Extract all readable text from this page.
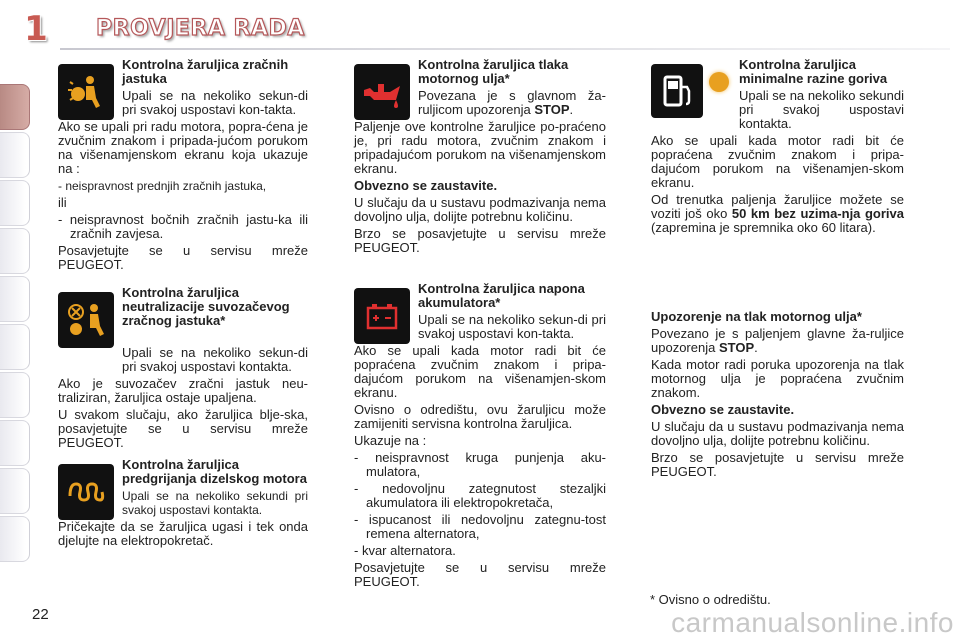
1	PROVJERA RADA
Kontrolna žaruljica zračnih jastuka

Upali se na nekoliko sekun-di pri svakoj uspostavi kon-takta.

Ako se upali pri radu motora, popra-ćena je zvučnim znakom i pripada-jućom porukom na višenamjenskom ekranu koja ukazuje na :

- neispravnost prednjih zračnih jastuka,

ili

- neispravnost bočnih zračnih jastu-ka ili zračnih zavjesa.

Posavjetujte se u servisu mreže PEUGEOT.

Kontrolna žaruljica neutralizacije suvozačevog zračnog jastuka*

Upali se na nekoliko sekun-di pri svakoj uspostavi kontakta.

Ako je suvozačev zračni jastuk neu-traliziran, žaruljica ostaje upaljena.

U svakom slučaju, ako žaruljica blje-ska, posavjetujte se u servisu mreže PEUGEOT.

Kontrolna žaruljica predgrijanja dizelskog motora

Upali se na nekoliko sekundi pri svakoj uspostavi kontakta.

Pričekajte da se žaruljica ugasi i tek onda djelujte na elektropokretač.

Kontrolna žaruljica tlaka motornog ulja*

Povezana je s glavnom ža-ruljicom upozorenja STOP.

Paljenje ove kontrolne žaruljice po-praćeno je, pri radu motora, zvučnim znakom i pripadajućom porukom na višenamjenskom ekranu.

Obvezno se zaustavite.

U slučaju da u sustavu podmazivanja nema dovoljno ulja, dolijte potrebnu količinu.

Brzo se posavjetujte u servisu mreže PEUGEOT.

Kontrolna žaruljica napona akumulatora*

Upali se na nekoliko sekun-di pri svakoj uspostavi kon-takta.

Ako se upali kada motor radi bit će popraćena zvučnim znakom i pripa-dajućom porukom na višenamjen-skom ekranu.

Ovisno o odredištu, ovu žaruljicu može zamijeniti servisna kontrolna žaruljica.

Ukazuje na :

- neispravnost kruga punjenja aku-mulatora,

- nedovoljnu zategnutost stezaljki akumulatora ili elektropokretača,

- ispucanost ili nedovoljnu zategnu-tost remena alternatora,

- kvar alternatora.

Posavjetujte se u servisu mreže PEUGEOT.

Kontrolna žaruljica minimalne razine goriva

Upali se na nekoliko sekundi pri svakoj uspostavi kontakta.

Ako se upali kada motor radi bit će popraćena zvučnim znakom i pripa-dajućom porukom na višenamjen-skom ekranu.

Od trenutka paljenja žaruljice možete se voziti još oko 50 km bez uzima-nja goriva (zapremina je spremnika oko 60 litara).

Upozorenje na tlak motornog ulja*

Povezano je s paljenjem glavne ža-ruljice upozorenja STOP.

Kada motor radi poruka upozorenja na tlak motornog ulja je popraćena zvučnim znakom.

Obvezno se zaustavite.

U slučaju da u sustavu podmazivanja nema dovoljno ulja, dolijte potrebnu količinu.

Brzo se posavjetujte u servisu mreže PEUGEOT.

* Ovisno o odredištu.
22	carmanualsonline.info
